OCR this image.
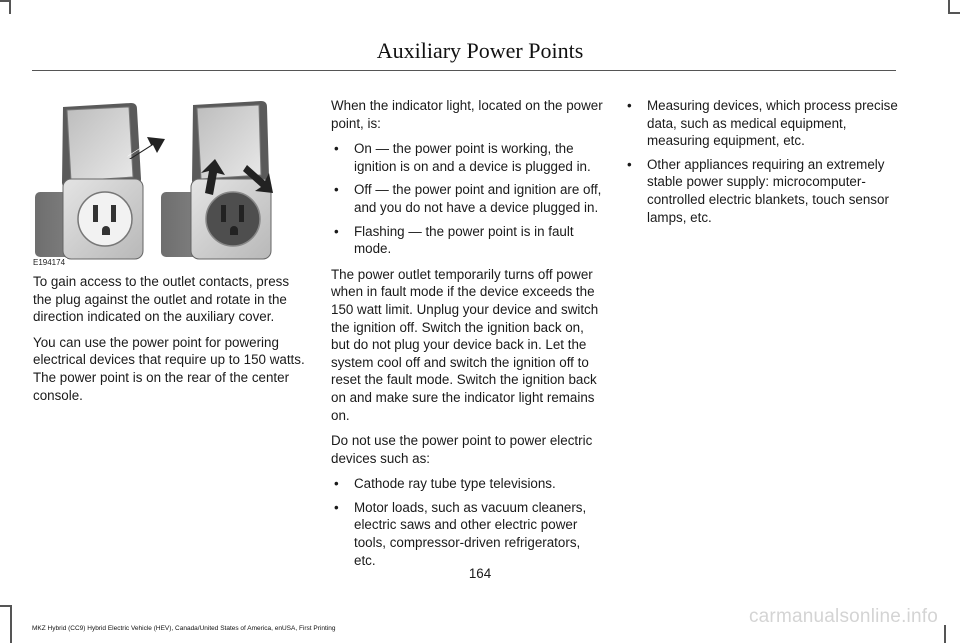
Auxiliary Power Points
E194174

To gain access to the outlet contacts, press the plug against the outlet and rotate in the direction indicated on the auxiliary cover.

You can use the power point for powering electrical devices that require up to 150 watts. The power point is on the rear of the center console.

When the indicator light, located on the power point, is:

• On — the power point is working, the ignition is on and a device is plugged in.
• Off — the power point and ignition are off, and you do not have a device plugged in.
• Flashing — the power point is in fault mode.

The power outlet temporarily turns off power when in fault mode if the device exceeds the 150 watt limit. Unplug your device and switch the ignition off. Switch the ignition back on, but do not plug your device back in. Let the system cool off and switch the ignition off to reset the fault mode. Switch the ignition back on and make sure the indicator light remains on.

Do not use the power point to power electric devices such as:

• Cathode ray tube type televisions.
• Motor loads, such as vacuum cleaners, electric saws and other electric power tools, compressor-driven refrigerators, etc.
• Measuring devices, which process precise data, such as medical equipment, measuring equipment, etc.
• Other appliances requiring an extremely stable power supply: microcomputer-controlled electric blankets, touch sensor lamps, etc.
164
MKZ Hybrid (CC9) Hybrid Electric Vehicle (HEV), Canada/United States of America, enUSA, First Printing
carmanualsonline.info
